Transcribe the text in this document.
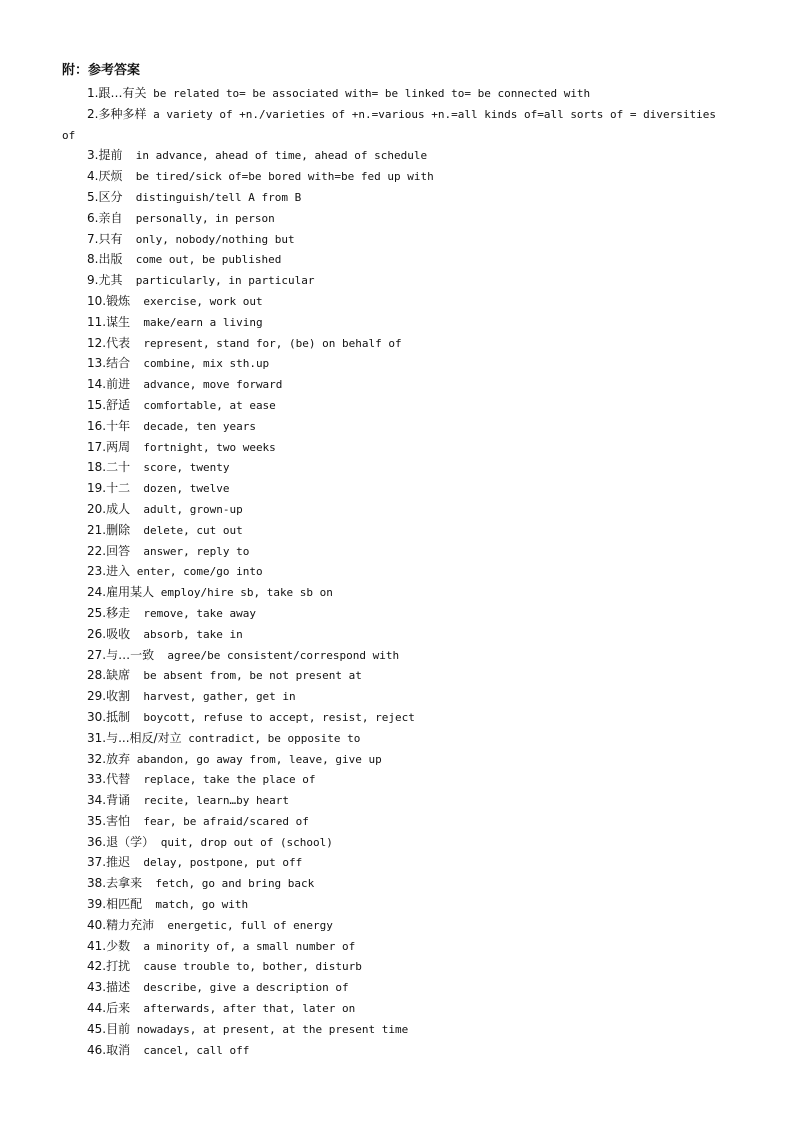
附：参考答案
1.跟…有关 be related to= be associated with= be linked to= be connected with
2.多种多样 a variety of +n./varieties of +n.=various +n.=all kinds of=all sorts of = diversities
of
3.提前  in advance, ahead of time, ahead of schedule
4.厌烦  be tired/sick of=be bored with=be fed up with
5.区分  distinguish/tell A from B
6.亲自  personally, in person
7.只有  only, nobody/nothing but
8.出版  come out, be published
9.尤其  particularly, in particular
10.锻炼  exercise, work out
11.谋生  make/earn a living
12.代表  represent, stand for, (be) on behalf of
13.结合  combine, mix sth.up
14.前进  advance, move forward
15.舒适  comfortable, at ease
16.十年  decade, ten years
17.两周  fortnight, two weeks
18.二十  score, twenty
19.十二  dozen, twelve
20.成人  adult, grown-up
21.删除  delete, cut out
22.回答  answer, reply to
23.进入 enter, come/go into
24.雇用某人 employ/hire sb, take sb on
25.移走  remove, take away
26.吸收  absorb, take in
27.与…一致  agree/be consistent/correspond with
28.缺席  be absent from, be not present at
29.收割  harvest, gather, get in
30.抵制  boycott, refuse to accept, resist, reject
31.与...相反/对立 contradict, be opposite to
32.放弃 abandon, go away from, leave, give up
33.代替  replace, take the place of
34.背诵  recite, learn…by heart
35.害怕  fear, be afraid/scared of
36.退（学） quit, drop out of (school)
37.推迟  delay, postpone, put off
38.去拿来  fetch, go and bring back
39.相匹配  match, go with
40.精力充沛  energetic, full of energy
41.少数  a minority of, a small number of
42.打扰  cause trouble to, bother, disturb
43.描述  describe, give a description of
44.后来  afterwards, after that, later on
45.目前 nowadays, at present, at the present time
46.取消  cancel, call off
